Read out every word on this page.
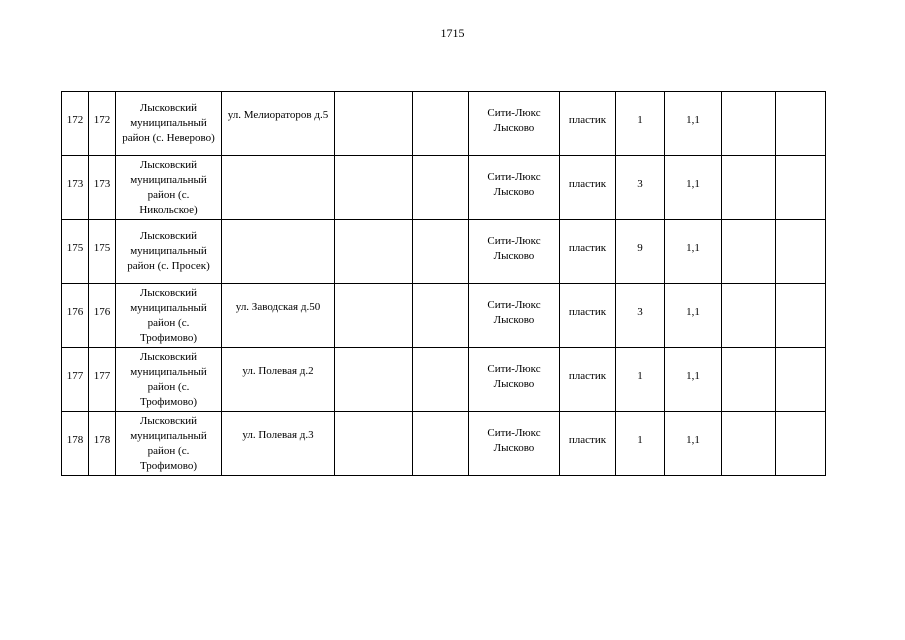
1715
172	172	Лысковский муниципальный район (с. Неверово)	ул. Мелиораторов д.5			Сити-Люкс Лысково	пластик	1	1,1		
173	173	Лысковский муниципальный район (с. Никольское)				Сити-Люкс Лысково	пластик	3	1,1		
175	175	Лысковский муниципальный район (с. Просек)				Сити-Люкс Лысково	пластик	9	1,1		
176	176	Лысковский муниципальный район (с. Трофимово)	ул. Заводская д.50			Сити-Люкс Лысково	пластик	3	1,1		
177	177	Лысковский муниципальный район (с. Трофимово)	ул. Полевая д.2			Сити-Люкс Лысково	пластик	1	1,1		
178	178	Лысковский муниципальный район (с. Трофимово)	ул. Полевая д.3			Сити-Люкс Лысково	пластик	1	1,1		
